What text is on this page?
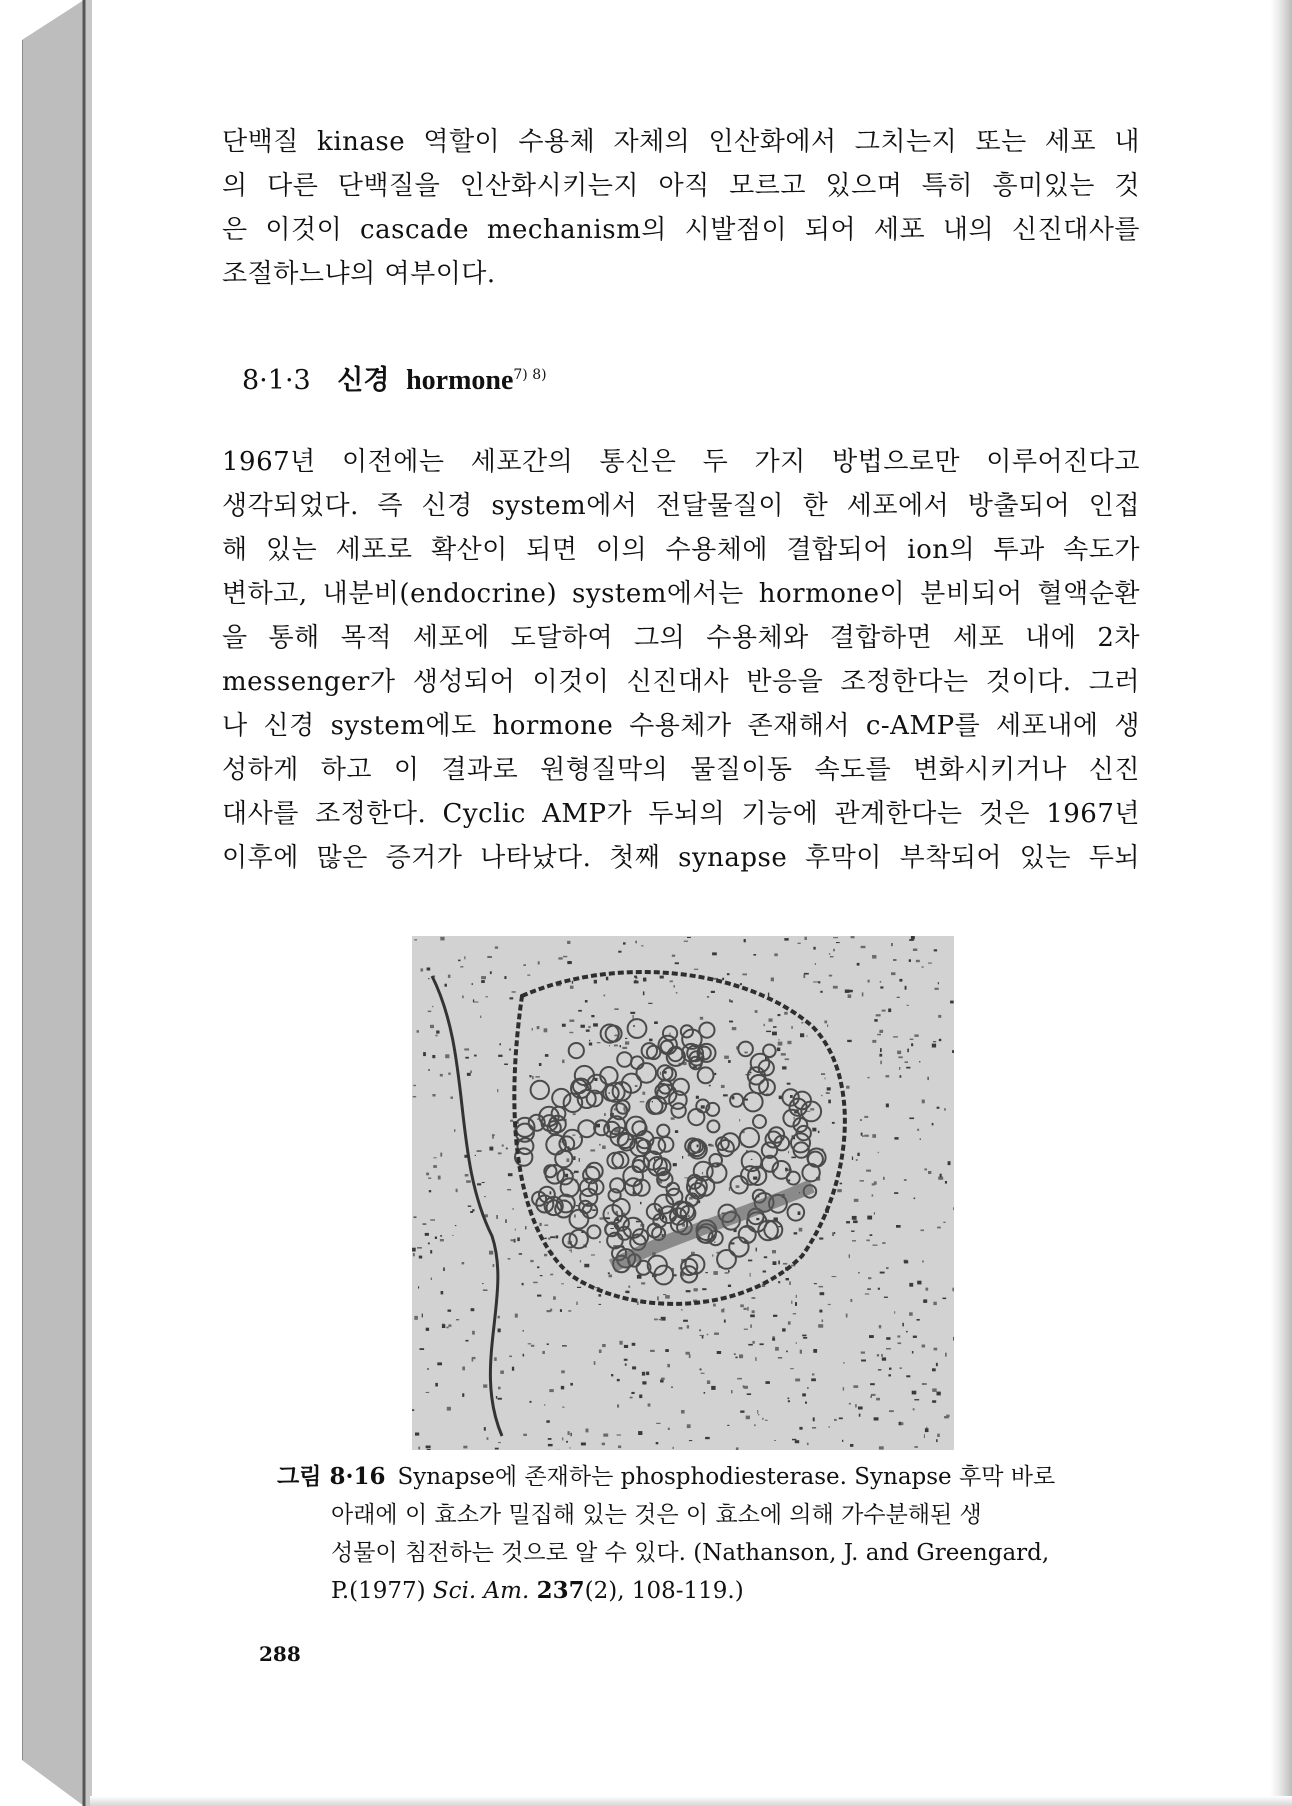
단백질 kinase 역할이 수용체 자체의 인산화에서 그치는지 또는 세포 내
의 다른 단백질을 인산화시키는지 아직 모르고 있으며 특히 흥미있는 것
은 이것이 cascade mechanism의 시발점이 되어 세포 내의 신진대사를
조절하느냐의 여부이다.
8·1·3 신경 hormone$^{7) 8)}$
1967년 이전에는 세포간의 통신은 두 가지 방법으로만 이루어진다고
생각되었다. 즉 신경 system에서 전달물질이 한 세포에서 방출되어 인접
해 있는 세포로 확산이 되면 이의 수용체에 결합되어 ion의 투과 속도가
변하고, 내분비(endocrine) system에서는 hormone이 분비되어 혈액순환
을 통해 목적 세포에 도달하여 그의 수용체와 결합하면 세포 내에 2차
messenger가 생성되어 이것이 신진대사 반응을 조정한다는 것이다. 그러
나 신경 system에도 hormone 수용체가 존재해서 c-AMP를 세포내에 생
성하게 하고 이 결과로 원형질막의 물질이동 속도를 변화시키거나 신진
대사를 조정한다. Cyclic AMP가 두뇌의 기능에 관계한다는 것은 1967년
이후에 많은 증거가 나타났다. 첫째 synapse 후막이 부착되어 있는 두뇌
그림 8·16 Synapse에 존재하는 phosphodiesterase. Synapse 후막 바로
아래에 이 효소가 밀집해 있는 것은 이 효소에 의해 가수분해된 생
성물이 침전하는 것으로 알 수 있다. (Nathanson, J. and Greengard,
P.(1977) Sci. Am. 237(2), 108-119.)
288
